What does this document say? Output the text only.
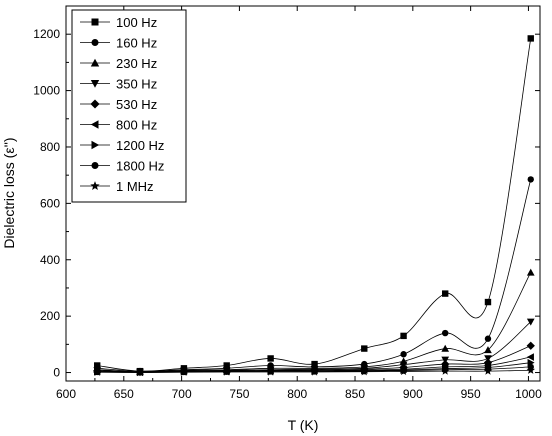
600	650	700	750	800	850	900	950	1000
0
200
400
600
800
1000
1200
100 Hz
160 Hz
230 Hz
350 Hz
530 Hz
800 Hz
1200 Hz
1800 Hz
1 MHz
T (K)
Dielectric loss (ε'')
